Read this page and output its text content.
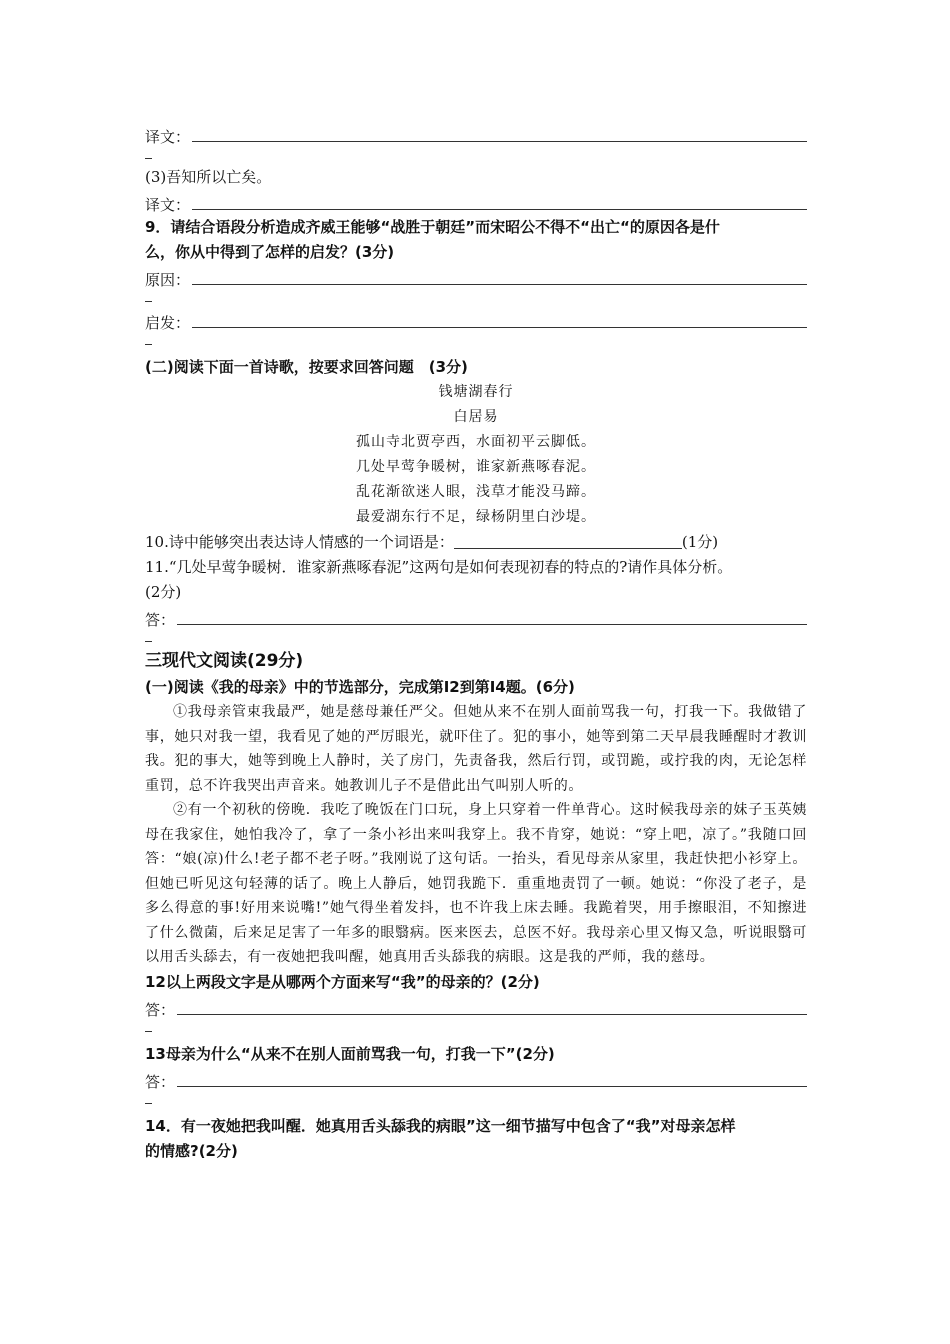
译文：
(3)吾知所以亡矣。
译文：
9．请结合语段分析造成齐威王能够“战胜于朝廷”而宋昭公不得不“出亡“的原因各是什
么，你从中得到了怎样的启发？(3分)
原因：
启发：
(二)阅读下面一首诗歌，按要求回答问题　(3分)
钱塘湖春行
白居易
孤山寺北贾亭西，水面初平云脚低。
几处早莺争暖树，谁家新燕啄春泥。
乱花渐欲迷人眼，浅草才能没马蹄。
最爱湖东行不足，绿杨阴里白沙堤。
10.诗中能够突出表达诗人情感的一个词语是：	(1分)
11.“几处早莺争暖树．谁家新燕啄春泥”这两句是如何表现初春的特点的?请作具体分析。
(2分)
答：
三现代文阅读(29分)
(一)阅读《我的母亲》中的节选部分，完成第I2到第I4题。(6分)
①我母亲管束我最严，她是慈母兼任严父。但她从来不在别人面前骂我一句，打我一下。我做错了事，她只对我一望，我看见了她的严厉眼光，就吓住了。犯的事小，她等到第二天早晨我睡醒时才教训我。犯的事大，她等到晚上人静时，关了房门，先责备我，然后行罚，或罚跪，或拧我的肉，无论怎样重罚，总不许我哭出声音来。她教训儿子不是借此出气叫别人听的。
②有一个初秋的傍晚．我吃了晚饭在门口玩，身上只穿着一件单背心。这时候我母亲的妹子玉英姨母在我家住，她怕我冷了，拿了一条小衫出来叫我穿上。我不肯穿，她说：“穿上吧，凉了。”我随口回答：“娘(凉)什么!老子都不老子呀。”我刚说了这句话。一抬头，看见母亲从家里，我赶快把小衫穿上。但她已听见这句轻薄的话了。晚上人静后，她罚我跪下．重重地责罚了一顿。她说：“你没了老子，是多么得意的事!好用来说嘴!”她气得坐着发抖，也不许我上床去睡。我跪着哭，用手擦眼泪，不知擦进了什么微菌，后来足足害了一年多的眼翳病。医来医去，总医不好。我母亲心里又悔又急，听说眼翳可以用舌头舔去，有一夜她把我叫醒，她真用舌头舔我的病眼。这是我的严师，我的慈母。
12以上两段文字是从哪两个方面来写“我”的母亲的？(2分)
答：
13母亲为什么“从来不在别人面前骂我一句，打我一下”(2分)
答：
14．有一夜她把我叫醒．她真用舌头舔我的病眼”这一细节描写中包含了“我”对母亲怎样
的情感?(2分)
